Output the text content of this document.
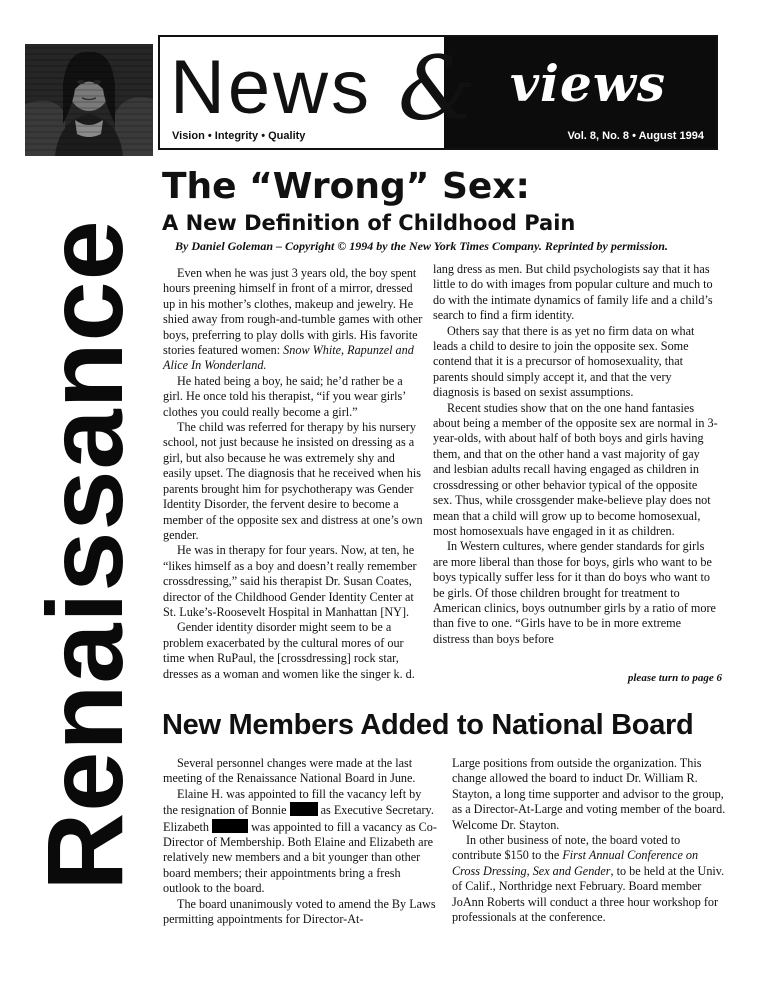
News & views
Vision • Integrity • Quality	Vol. 8, No. 8 • August 1994
Renaissance
The “Wrong” Sex:
A New Definition of Childhood Pain
By Daniel Goleman – Copyright © 1994 by the New York Times Company. Reprinted by permission.

Even when he was just 3 years old, the boy spent hours preening himself in front of a mirror, dressed up in his mother’s clothes, makeup and jewelry. He shied away from rough-and-tumble games with other boys, preferring to play dolls with girls. His favorite stories featured women: Snow White, Rapunzel and Alice In Wonderland.

He hated being a boy, he said; he’d rather be a girl. He once told his therapist, “if you wear girls’ clothes you could really become a girl.”

The child was referred for therapy by his nursery school, not just because he insisted on dressing as a girl, but also because he was extremely shy and easily upset. The diagnosis that he received when his parents brought him for psychotherapy was Gender Identity Disorder, the fervent desire to become a member of the opposite sex and distress at one’s own gender.

He was in therapy for four years. Now, at ten, he “likes himself as a boy and doesn’t really remember crossdressing,” said his therapist Dr. Susan Coates, director of the Childhood Gender Identity Center at St. Luke’s-Roosevelt Hospital in Manhattan [NY].

Gender identity disorder might seem to be a problem exacerbated by the cultural mores of our time when RuPaul, the [crossdressing] rock star, dresses as a woman and women like the singer k. d.

lang dress as men. But child psychologists say that it has little to do with images from popular culture and much to do with the intimate dynamics of family life and a child’s search to find a firm identity.

Others say that there is as yet no firm data on what leads a child to desire to join the opposite sex. Some contend that it is a precursor of homosexuality, that parents should simply accept it, and that the very diagnosis is based on sexist assumptions.

Recent studies show that on the one hand fantasies about being a member of the opposite sex are normal in 3-year-olds, with about half of both boys and girls having them, and that on the other hand a vast majority of gay and lesbian adults recall having engaged as children in crossdressing or other behavior typical of the opposite sex. Thus, while crossgender make-believe play does not mean that a child will grow up to become homosexual, most homosexuals have engaged in it as children.

In Western cultures, where gender standards for girls are more liberal than those for boys, girls who want to be boys typically suffer less for it than do boys who want to be girls. Of those children brought for treatment to American clinics, boys outnumber girls by a ratio of more than five to one. “Girls have to be in more extreme distress than boys before

please turn to page 6
New Members Added to National Board

Several personnel changes were made at the last meeting of the Renaissance National Board in June.

Elaine H. was appointed to fill the vacancy left by the resignation of Bonnie	as Executive Secretary. Elizabeth	was appointed to fill a vacancy as Co-Director of Membership. Both Elaine and Elizabeth are relatively new members and a bit younger than other board members; their appointments bring a fresh outlook to the board.

The board unanimously voted to amend the By Laws permitting appointments for Director-At-

Large positions from outside the organization. This change allowed the board to induct Dr. William R. Stayton, a long time supporter and advisor to the group, as a Director-At-Large and voting member of the board. Welcome Dr. Stayton.

In other business of note, the board voted to contribute $150 to the First Annual Conference on Cross Dressing, Sex and Gender, to be held at the Univ. of Calif., Northridge next February. Board member JoAnn Roberts will conduct a three hour workshop for professionals at the conference.
